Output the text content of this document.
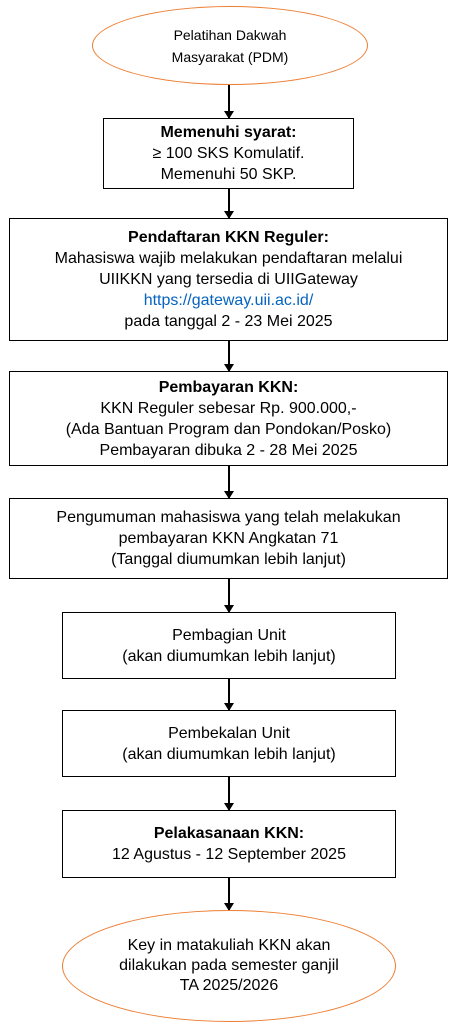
Pelatihan Dakwah
Masyarakat (PDM)
Memenuhi syarat:
≥ 100 SKS Komulatif.
Memenuhi 50 SKP.
Pendaftaran KKN Reguler:
Mahasiswa wajib melakukan pendaftaran melalui
UIIKKN yang tersedia di UIIGateway
https://gateway.uii.ac.id/
pada tanggal 2 - 23 Mei 2025
Pembayaran KKN:
KKN Reguler sebesar Rp. 900.000,-
(Ada Bantuan Program dan Pondokan/Posko)
Pembayaran dibuka 2 - 28 Mei 2025
Pengumuman mahasiswa yang telah melakukan
pembayaran KKN Angkatan 71
(Tanggal diumumkan lebih lanjut)
Pembagian Unit
(akan diumumkan lebih lanjut)
Pembekalan Unit
(akan diumumkan lebih lanjut)
Pelakasanaan KKN:
12 Agustus - 12 September 2025
Key in matakuliah KKN akan
dilakukan pada semester ganjil
TA 2025/2026
